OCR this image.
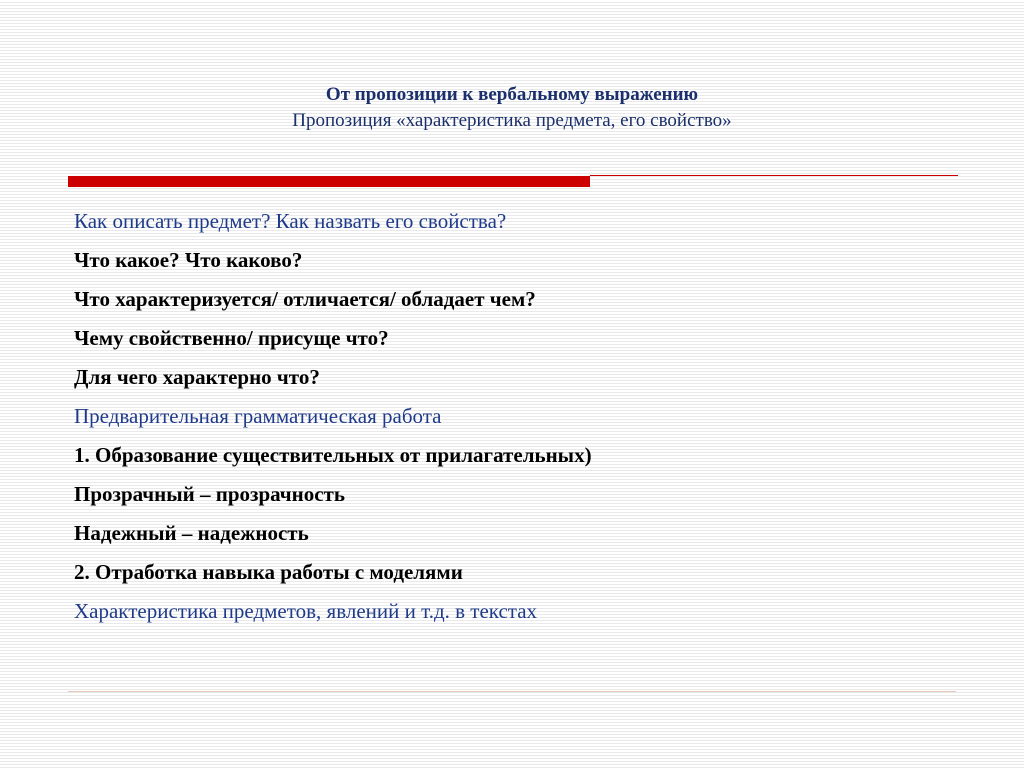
От пропозиции к вербальному выражению
Пропозиция «характеристика предмета, его свойство»
Как описать предмет? Как назвать его свойства?
Что какое? Что каково?
Что характеризуется/ отличается/ обладает чем?
Чему свойственно/ присуще что?
Для чего характерно что?
Предварительная грамматическая работа
1. Образование существительных от прилагательных)
Прозрачный – прозрачность
Надежный – надежность
2. Отработка навыка работы с моделями
Характеристика предметов, явлений и т.д. в текстах
